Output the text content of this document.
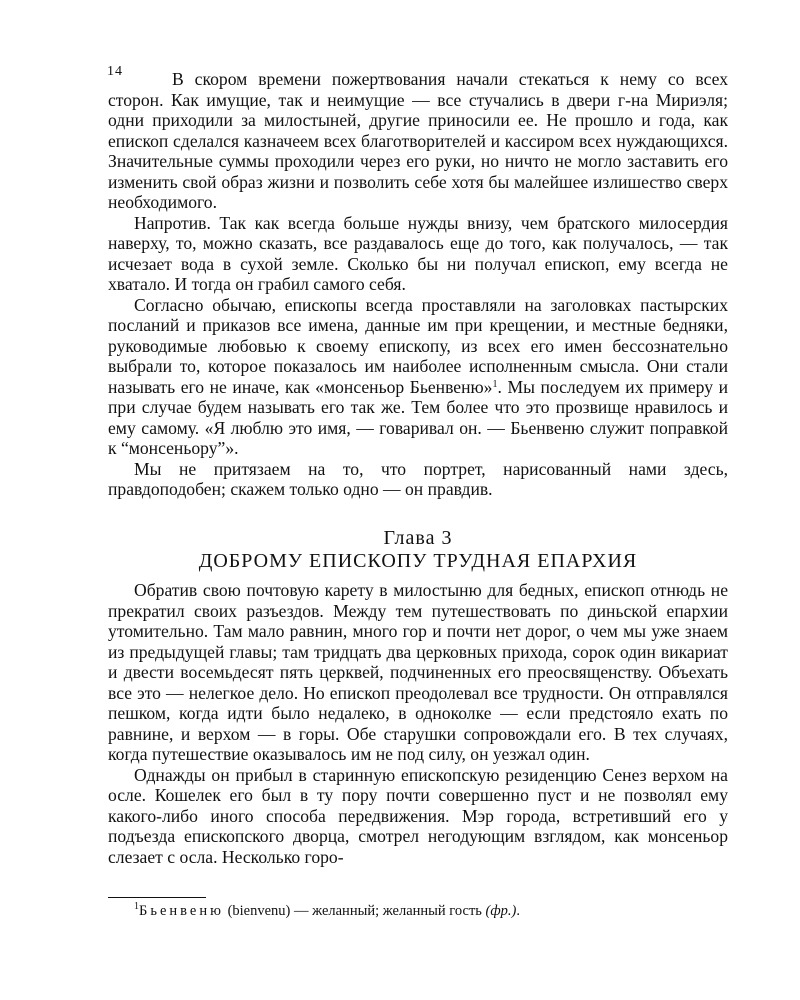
14	В скором времени пожертвования начали стекаться к нему со всех сторон. Как имущие, так и неимущие — все стучались в двери г-на Мириэля; одни приходили за милостыней, другие приносили ее. Не прошло и года, как епископ сделался казначеем всех благотворителей и кассиром всех нуждающихся. Значительные суммы проходили через его руки, но ничто не могло заставить его изменить свой образ жизни и позволить себе хотя бы малейшее излишество сверх необходимого.

Напротив. Так как всегда больше нужды внизу, чем братского милосердия наверху, то, можно сказать, все раздавалось еще до того, как получалось, — так исчезает вода в сухой земле. Сколько бы ни получал епископ, ему всегда не хватало. И тогда он грабил самого себя.

Согласно обычаю, епископы всегда проставляли на заголовках пастырских посланий и приказов все имена, данные им при крещении, и местные бедняки, руководимые любовью к своему епископу, из всех его имен бессознательно выбрали то, которое показалось им наиболее исполненным смысла. Они стали называть его не иначе, как «монсеньор Бьенвеню»$^1$. Мы последуем их примеру и при случае будем называть его так же. Тем более что это прозвище нравилось и ему самому. «Я люблю это имя, — говаривал он. — Бьенвеню служит поправкой к “монсеньору”».

Мы не притязаем на то, что портрет, нарисованный нами здесь, правдоподобен; скажем только одно — он правдив.

Глава 3
ДОБРОМУ ЕПИСКОПУ ТРУДНАЯ ЕПАРХИЯ

Обратив свою почтовую карету в милостыню для бедных, епископ отнюдь не прекратил своих разъездов. Между тем путешествовать по диньской епархии утомительно. Там мало равнин, много гор и почти нет дорог, о чем мы уже знаем из предыдущей главы; там тридцать два церковных прихода, сорок один викариат и двести восемьдесят пять церквей, подчиненных его преосвященству. Объехать все это — нелегкое дело. Но епископ преодолевал все трудности. Он отправлялся пешком, когда идти было недалеко, в одноколке — если предстояло ехать по равнине, и верхом — в горы. Обе старушки сопровождали его. В тех случаях, когда путешествие оказывалось им не под силу, он уезжал один.

Однажды он прибыл в старинную епископскую резиденцию Сенез верхом на осле. Кошелек его был в ту пору почти совершенно пуст и не позволял ему какого-либо иного способа передвижения. Мэр города, встретивший его у подъезда епископского дворца, смотрел негодующим взглядом, как монсеньор слезает с осла. Несколько горо-

$^1$Бьенвеню (bienvenu) — желанный; желанный гость (фр.).
